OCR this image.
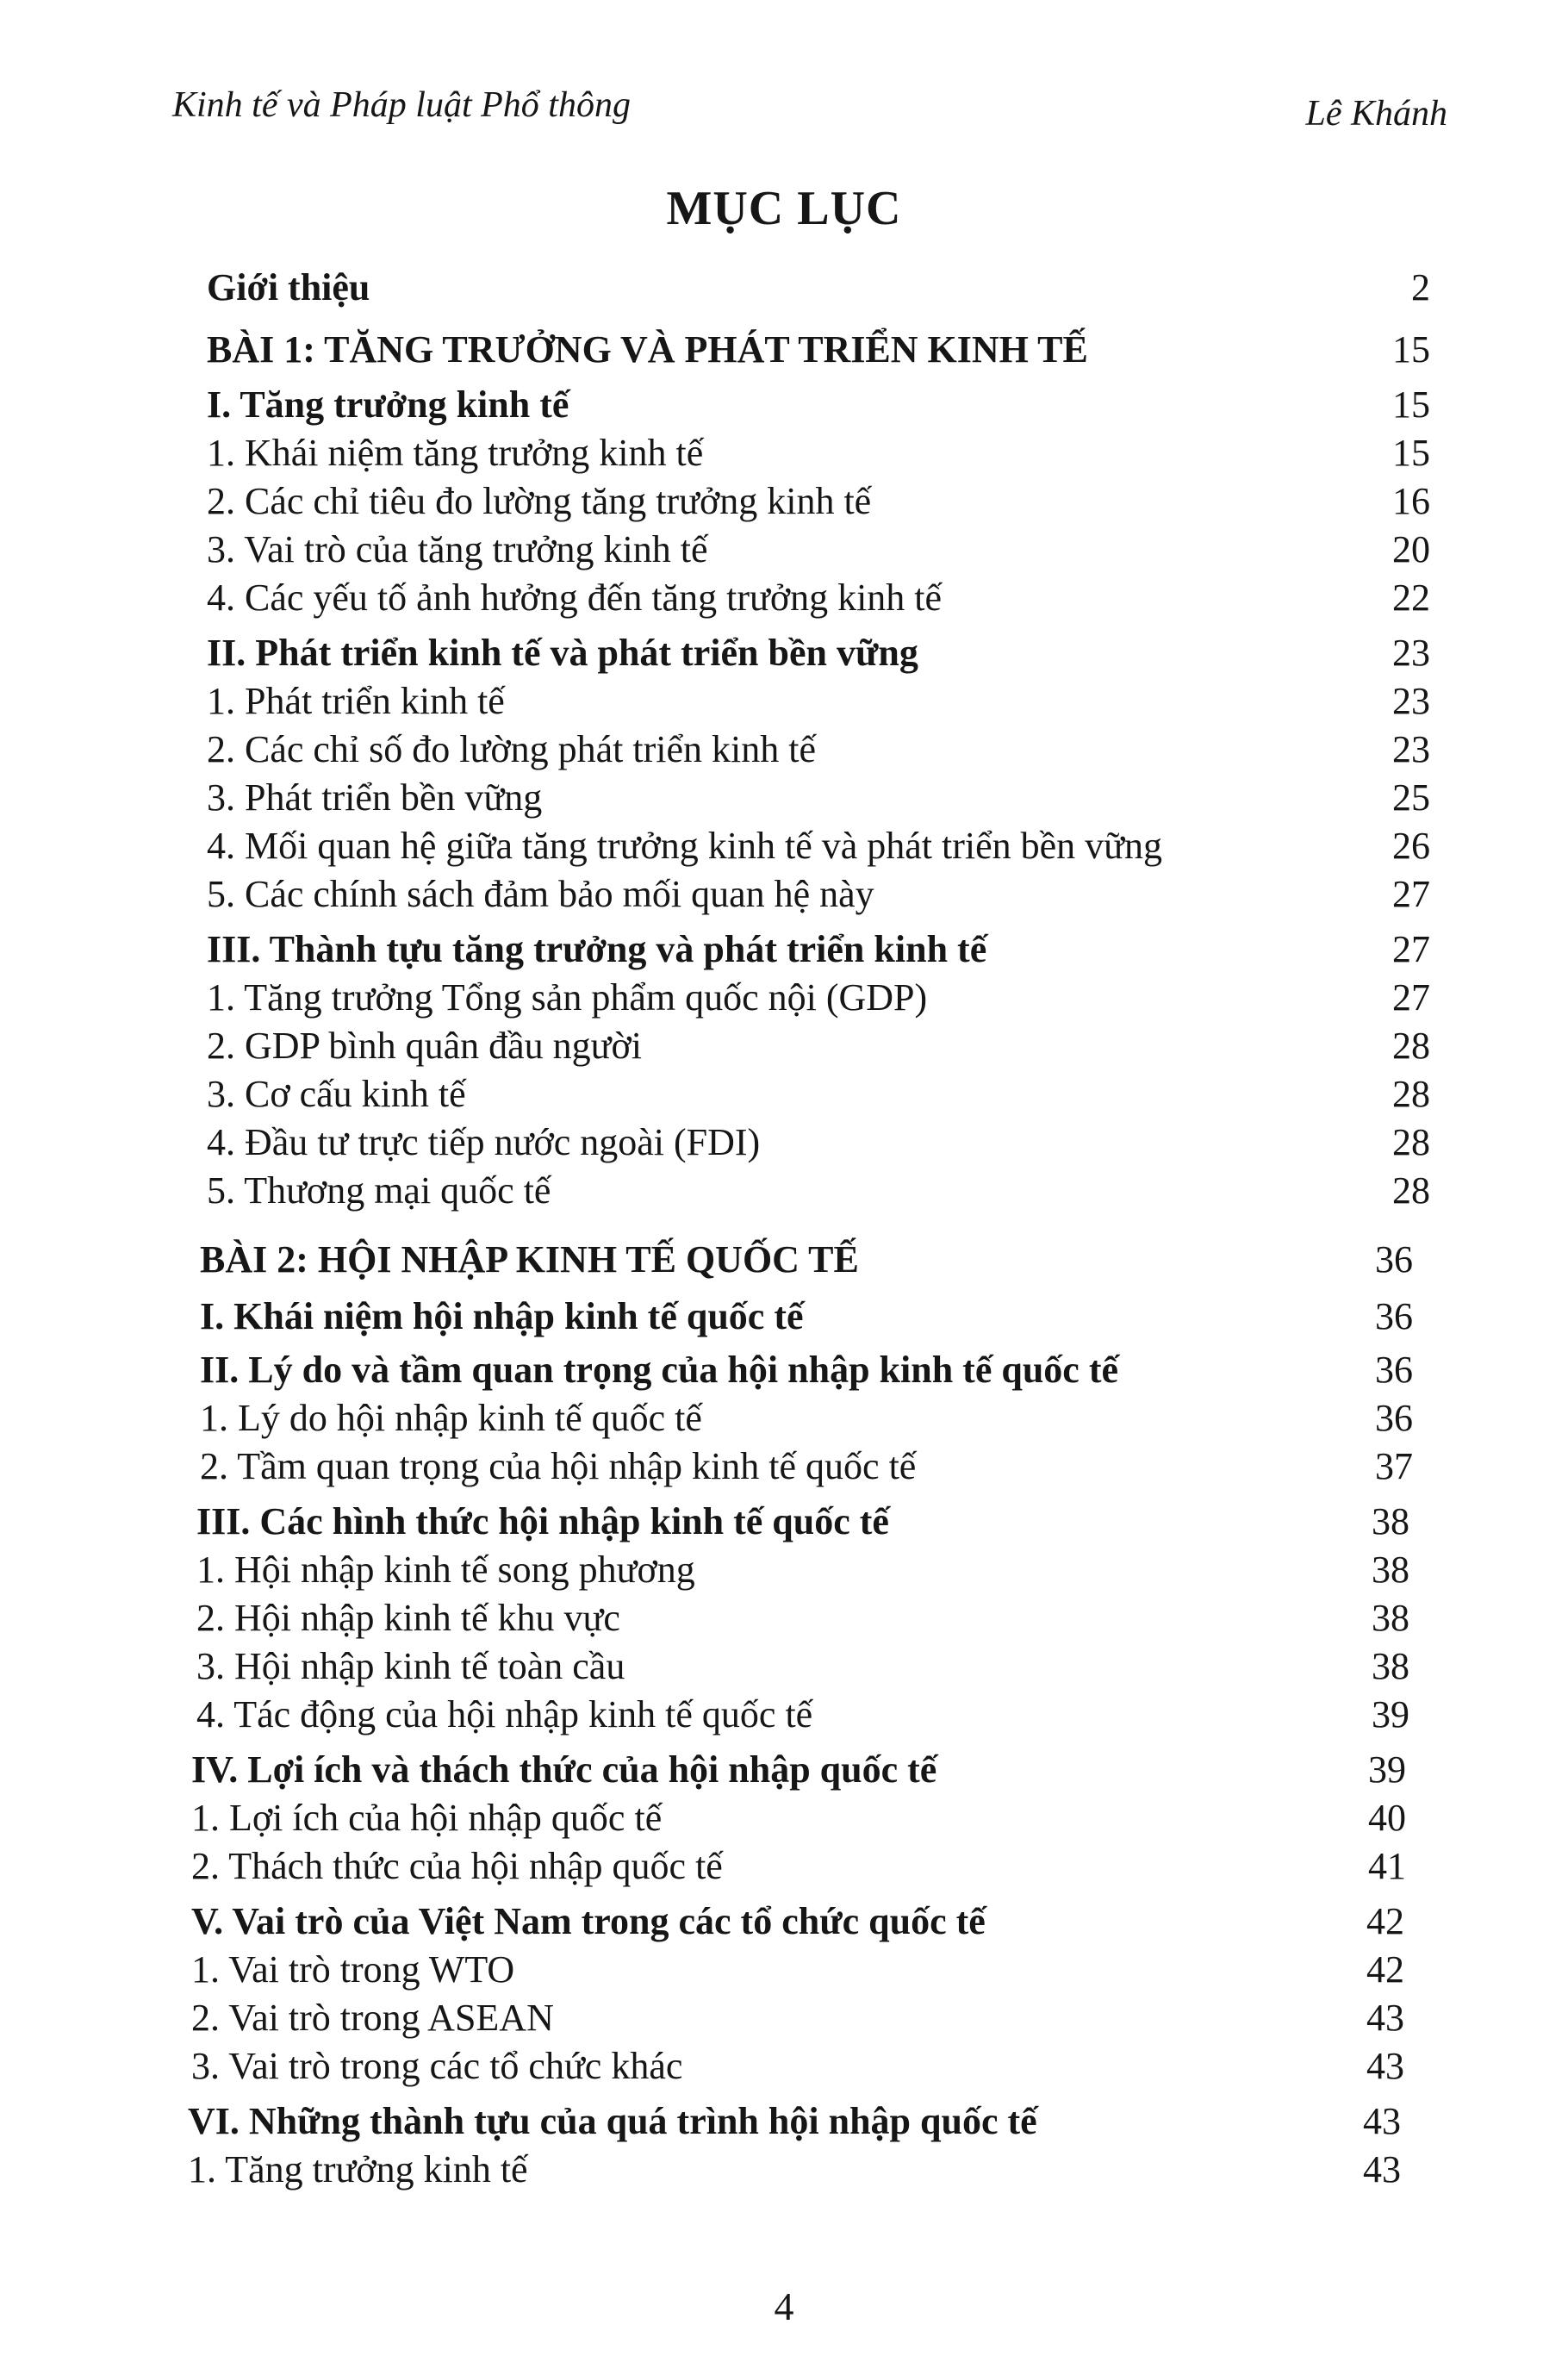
Kinh tế và Pháp luật Phổ thông	Lê Khánh
MỤC LỤC
Giới thiệu	2
BÀI 1: TĂNG TRƯỞNG VÀ PHÁT TRIỂN KINH TẾ	15
I. Tăng trưởng kinh tế	15
1. Khái niệm tăng trưởng kinh tế	15
2. Các chỉ tiêu đo lường tăng trưởng kinh tế	16
3. Vai trò của tăng trưởng kinh tế	20
4. Các yếu tố ảnh hưởng đến tăng trưởng kinh tế	22
II. Phát triển kinh tế và phát triển bền vững	23
1. Phát triển kinh tế	23
2. Các chỉ số đo lường phát triển kinh tế	23
3. Phát triển bền vững	25
4. Mối quan hệ giữa tăng trưởng kinh tế và phát triển bền vững	26
5. Các chính sách đảm bảo mối quan hệ này	27
III. Thành tựu tăng trưởng và phát triển kinh tế	27
1. Tăng trưởng Tổng sản phẩm quốc nội (GDP)	27
2. GDP bình quân đầu người	28
3. Cơ cấu kinh tế	28
4. Đầu tư trực tiếp nước ngoài (FDI)	28
5. Thương mại quốc tế	28
BÀI 2: HỘI NHẬP KINH TẾ QUỐC TẾ	36
I. Khái niệm hội nhập kinh tế quốc tế	36
II. Lý do và tầm quan trọng của hội nhập kinh tế quốc tế	36
1. Lý do hội nhập kinh tế quốc tế	36
2. Tầm quan trọng của hội nhập kinh tế quốc tế	37
III. Các hình thức hội nhập kinh tế quốc tế	38
1. Hội nhập kinh tế song phương	38
2. Hội nhập kinh tế khu vực	38
3. Hội nhập kinh tế toàn cầu	38
4. Tác động của hội nhập kinh tế quốc tế	39
IV. Lợi ích và thách thức của hội nhập quốc tế	39
1. Lợi ích của hội nhập quốc tế	40
2. Thách thức của hội nhập quốc tế	41
V. Vai trò của Việt Nam trong các tổ chức quốc tế	42
1. Vai trò trong WTO	42
2. Vai trò trong ASEAN	43
3. Vai trò trong các tổ chức khác	43
VI. Những thành tựu của quá trình hội nhập quốc tế	43
1. Tăng trưởng kinh tế	43
4
